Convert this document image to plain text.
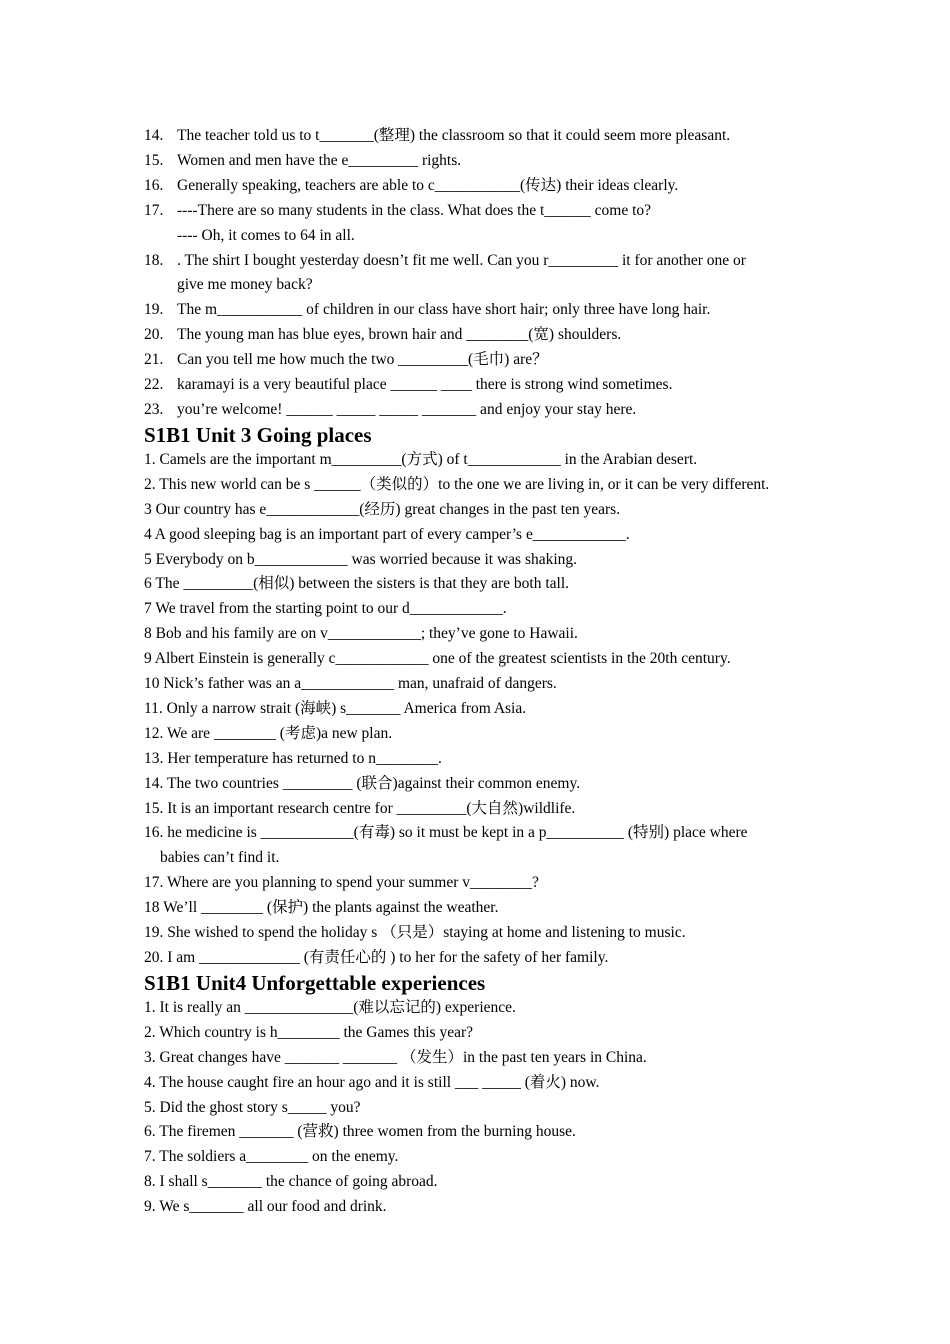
14. The teacher told us to t_______(整理) the classroom so that it could seem more pleasant.
15. Women and men have the e_________ rights.
16. Generally speaking, teachers are able to c___________(传达) their ideas clearly.
17. ----There are so many students in the class. What does the t______ come to?
---- Oh, it comes to 64 in all.
18. . The shirt I bought yesterday doesn’t fit me well. Can you r_________ it for another one or
give me money back?
19. The m___________ of children in our class have short hair; only three have long hair.
20. The young man has blue eyes, brown hair and ________(宽) shoulders.
21. Can you tell me how much the two _________(毛巾) are？
22. karamayi is a very beautiful place ______ ____ there is strong wind sometimes.
23. you’re welcome! ______ _____ _____ _______ and enjoy your stay here.
S1B1 Unit 3 Going places
1. Camels are the important m_________(方式) of t____________ in the Arabian desert.
2. This new world can be s ______（类似的）to the one we are living in, or it can be very different.
3 Our country has e____________(经历) great changes in the past ten years.
4 A good sleeping bag is an important part of every camper’s e____________.
5 Everybody on b____________ was worried because it was shaking.
6 The _________(相似) between the sisters is that they are both tall.
7 We travel from the starting point to our d____________.
8 Bob and his family are on v____________; they’ve gone to Hawaii.
9 Albert Einstein is generally c____________ one of the greatest scientists in the 20th century.
10 Nick’s father was an a____________ man, unafraid of dangers.
11. Only a narrow strait (海峡) s_______ America from Asia.
12. We are ________ (考虑)a new plan.
13. Her temperature has returned to n________.
14. The two countries _________ (联合)against their common enemy.
15. It is an important research centre for _________(大自然)wildlife.
16. he medicine is ____________(有毒) so it must be kept in a p__________ (特别) place where
babies can’t find it.
17. Where are you planning to spend your summer v________?
18 We’ll ________ (保护) the plants against the weather.
19. She wished to spend the holiday s （只是）staying at home and listening to music.
20. I am _____________ (有责任心的 ) to her for the safety of her family.
S1B1 Unit4 Unforgettable experiences
1. It is really an ______________(难以忘记的) experience.
2. Which country is h________ the Games this year?
3. Great changes have _______ _______ （发生）in the past ten years in China.
4. The house caught fire an hour ago and it is still ___ _____ (着火) now.
5. Did the ghost story s_____ you?
6. The firemen _______ (营救) three women from the burning house.
7. The soldiers a________ on the enemy.
8. I shall s_______ the chance of going abroad.
9. We s_______ all our food and drink.
